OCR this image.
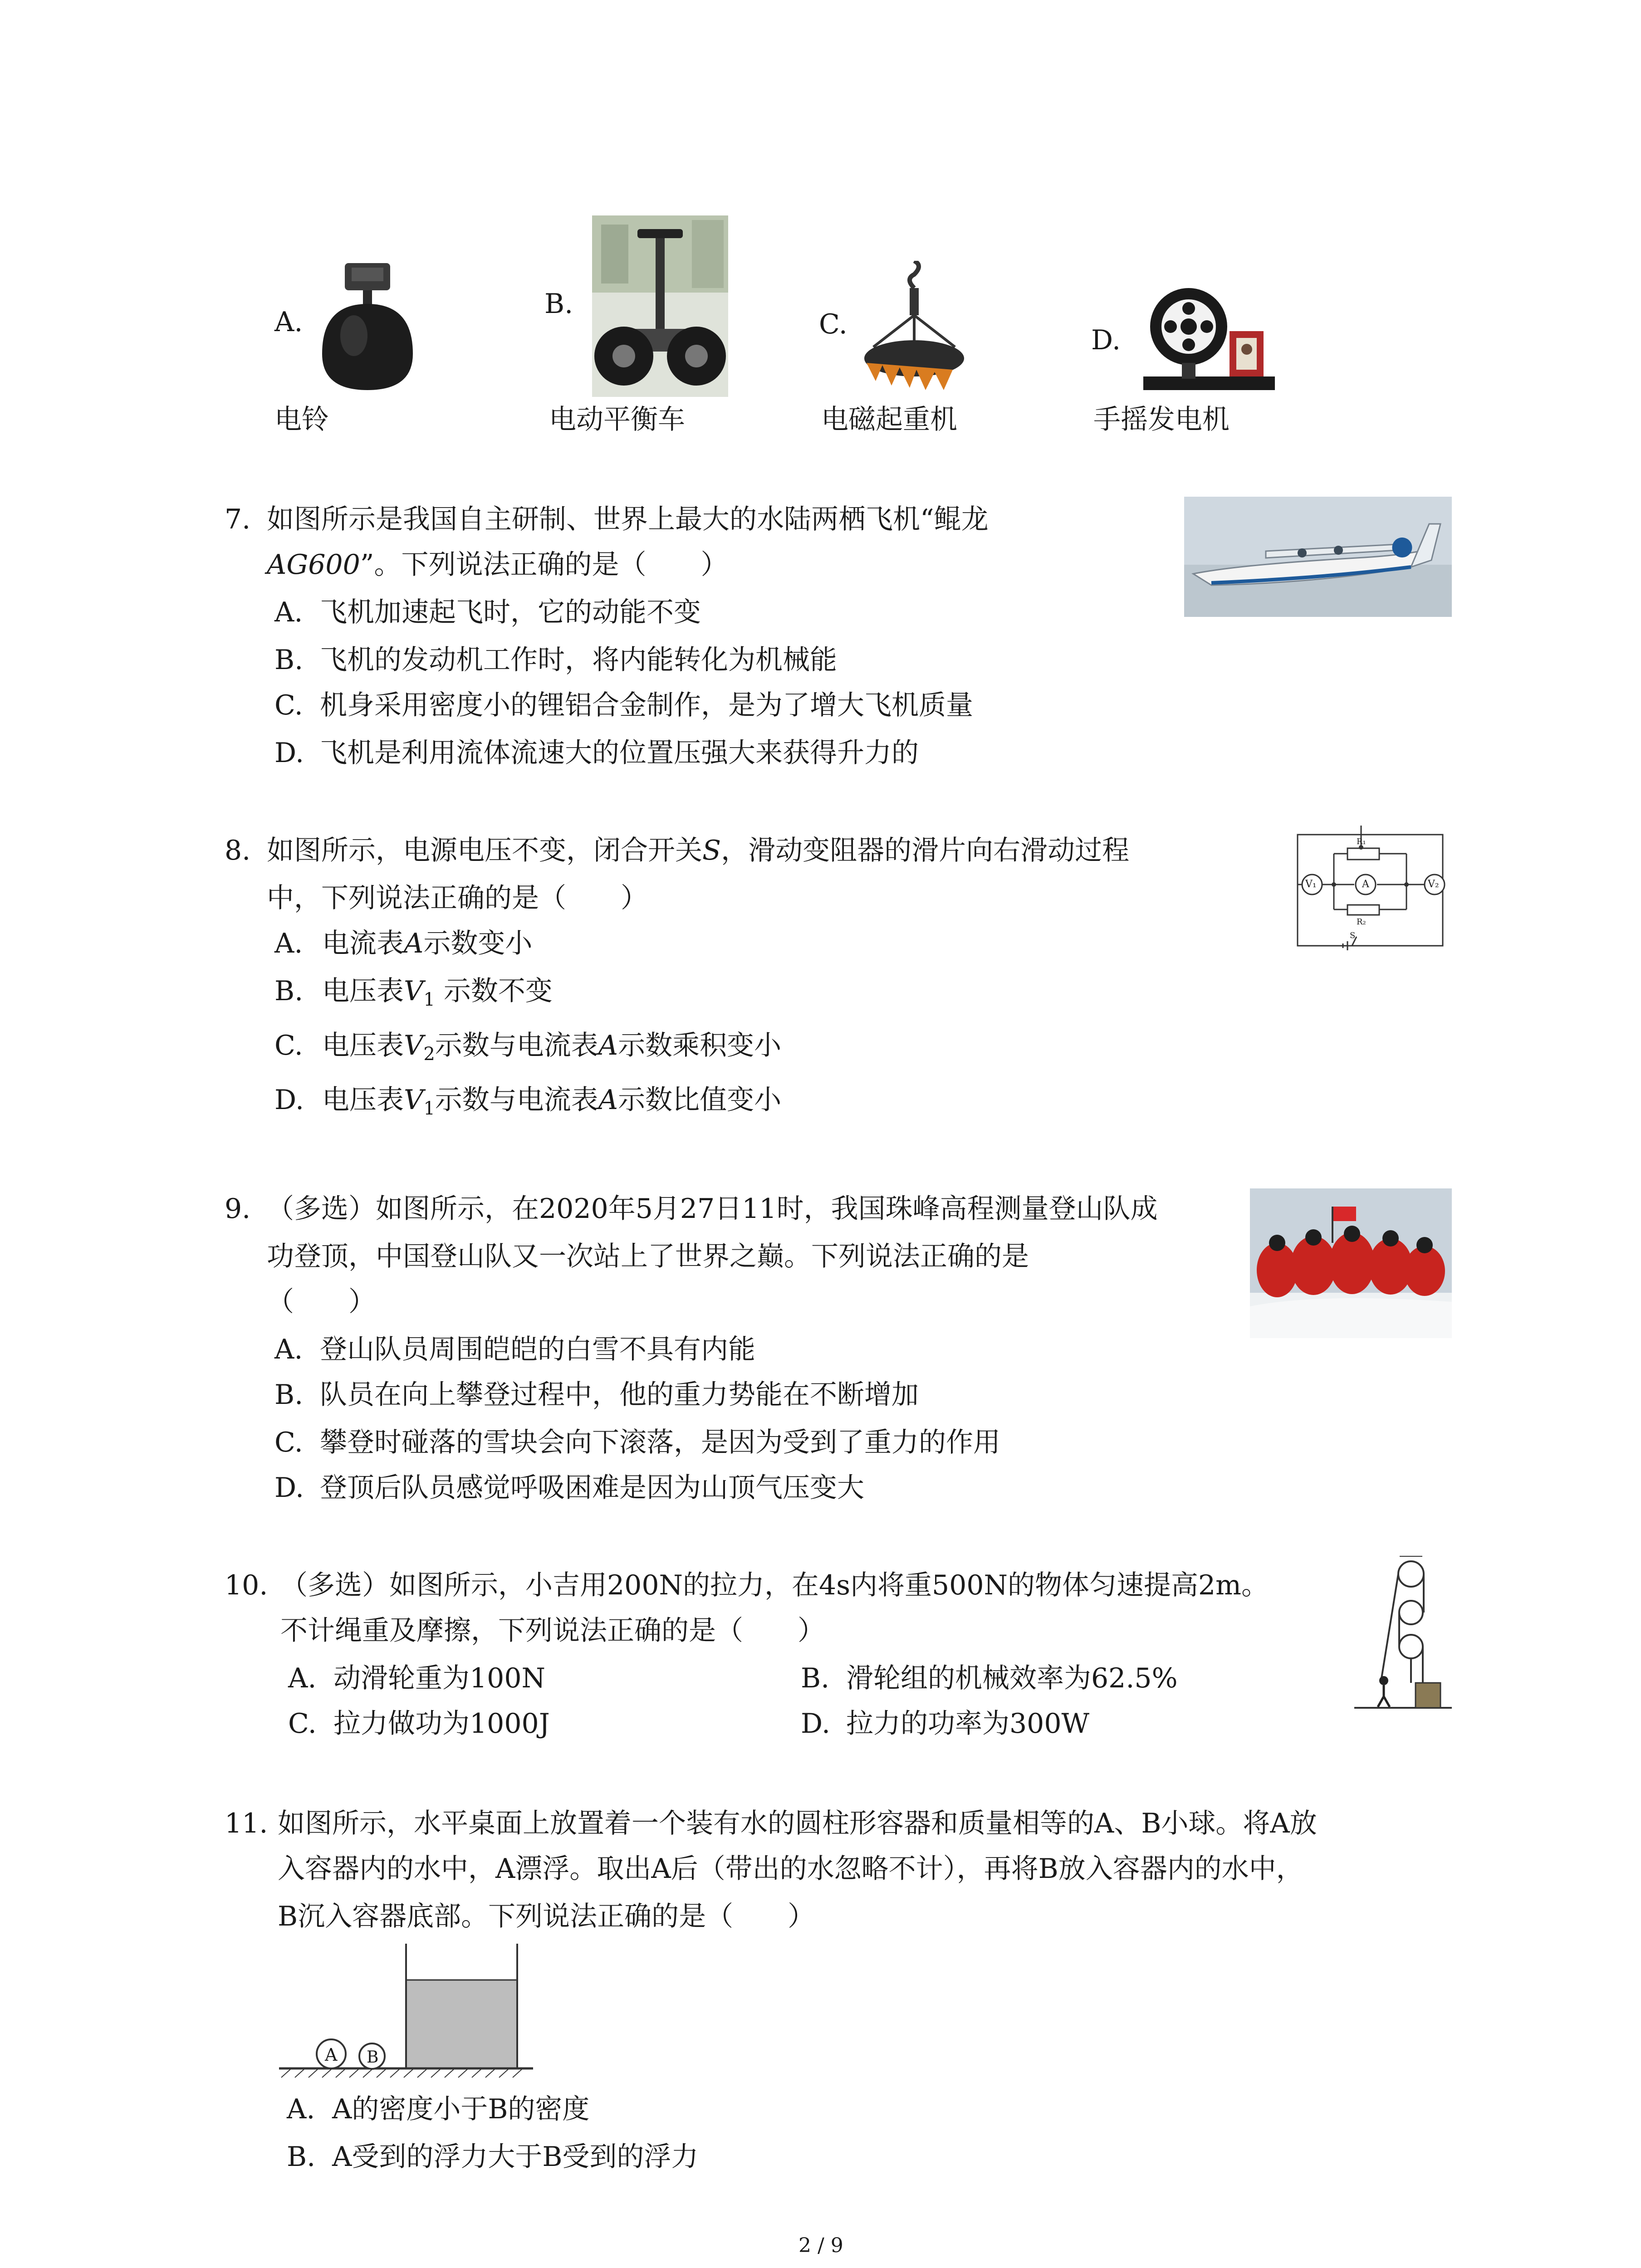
A.
电铃
B.
电动平衡车
C.
电磁起重机
D.
手摇发电机
7. 如图所示是我国自主研制、世界上最大的水陆两栖飞机“鲲龙
AG600”。下列说法正确的是（　　）
A. 飞机加速起飞时，它的动能不变
B. 飞机的发动机工作时，将内能转化为机械能
C. 机身采用密度小的锂铝合金制作，是为了增大飞机质量
D. 飞机是利用流体流速大的位置压强大来获得升力的
V₁	A	V₂
R₁
R₂
S
8. 如图所示，电源电压不变，闭合开关S，滑动变阻器的滑片向右滑动过程
中，下列说法正确的是（　　）
A. 电流表A示数变小
B. 电压表$V_1$ 示数不变
C. 电压表$V_2$示数与电流表A示数乘积变小
D. 电压表$V_1$示数与电流表A示数比值变小
9. （多选）如图所示，在2020年5月27日11时，我国珠峰高程测量登山队成
功登顶，中国登山队又一次站上了世界之巅。下列说法正确的是
（　　）
A. 登山队员周围皑皑的白雪不具有内能
B. 队员在向上攀登过程中，他的重力势能在不断增加
C. 攀登时碰落的雪块会向下滚落，是因为受到了重力的作用
D. 登顶后队员感觉呼吸困难是因为山顶气压变大
10. （多选）如图所示，小吉用200N的拉力，在4s内将重500N的物体匀速提高2m。
不计绳重及摩擦，下列说法正确的是（　　）
A. 动滑轮重为100N	B. 滑轮组的机械效率为62.5%
C. 拉力做功为1000J	D. 拉力的功率为300W
11. 如图所示，水平桌面上放置着一个装有水的圆柱形容器和质量相等的A、B小球。将A放
入容器内的水中，A漂浮。取出A后（带出的水忽略不计），再将B放入容器内的水中，
B沉入容器底部。下列说法正确的是（　　）
A B
A. A的密度小于B的密度
B. A受到的浮力大于B受到的浮力
2 / 9
